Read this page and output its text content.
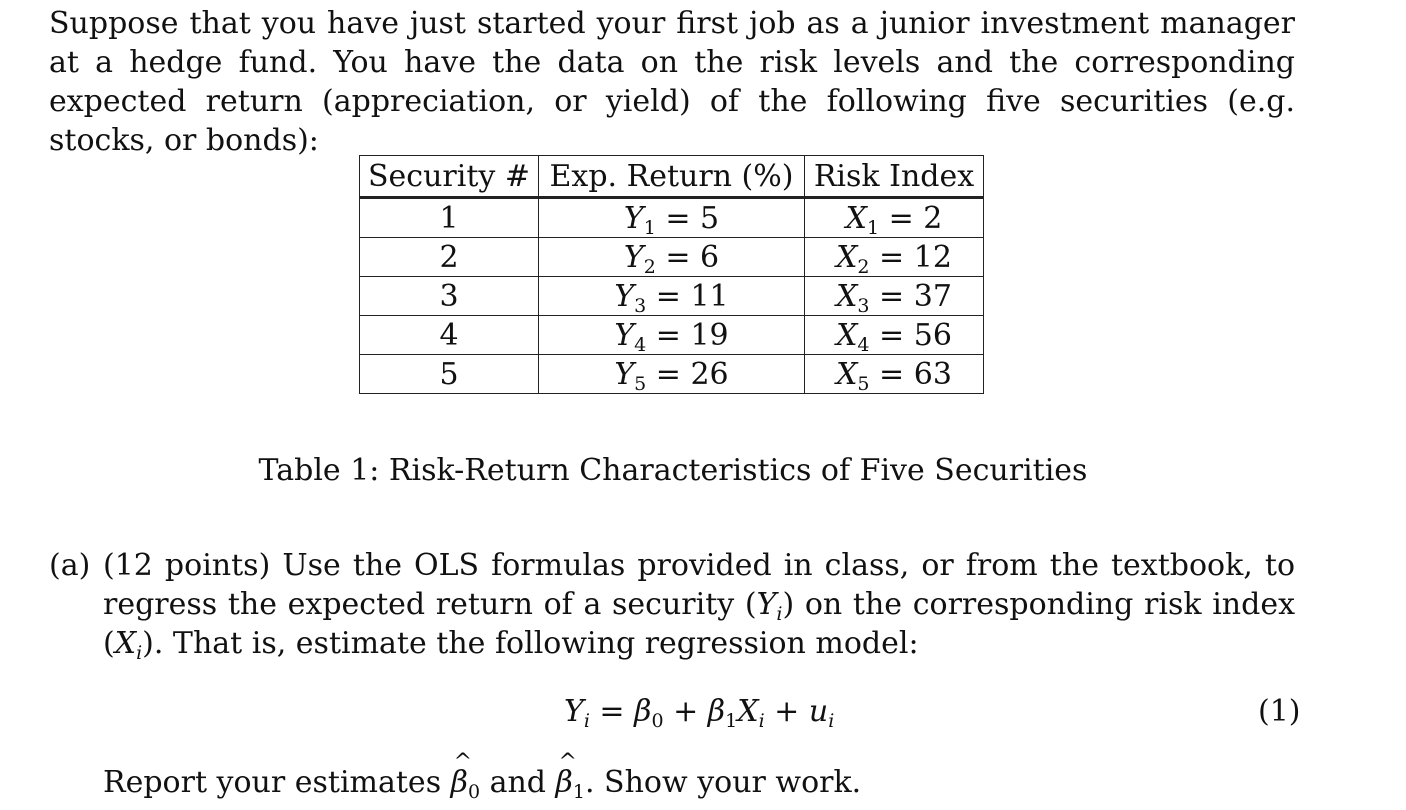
Suppose that you have just started your first job as a junior investment manager at a hedge fund. You have the data on the risk levels and the corresponding expected return (appreciation, or yield) of the following five securities (e.g. stocks, or bonds):
Security #	Exp. Return (%)	Risk Index
1	$Y_1 = 5$	$X_1 = 2$
2	$Y_2 = 6$	$X_2 = 12$
3	$Y_3 = 11$	$X_3 = 37$
4	$Y_4 = 19$	$X_4 = 56$
5	$Y_5 = 26$	$X_5 = 63$
Table 1: Risk-Return Characteristics of Five Securities
(a) (12 points) Use the OLS formulas provided in class, or from the textbook, to regress the expected return of a security $(Y_i)$ on the corresponding risk index $(X_i)$. That is, estimate the following regression model:
$Y_i = \beta_0 + \beta_1X_i + u_i$	(1)
Report your estimates ^ $\beta_0$ and ^ $\beta_1$. Show your work.
